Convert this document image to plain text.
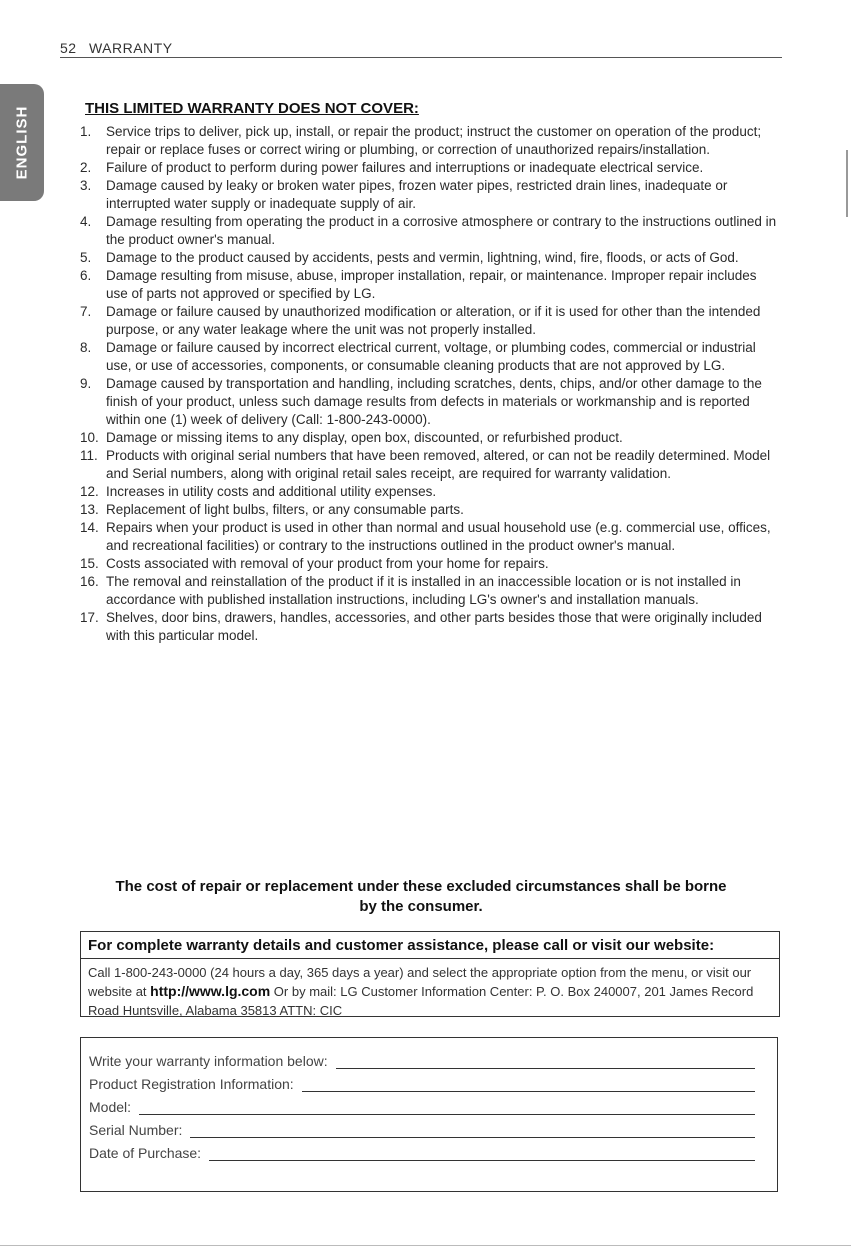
52 WARRANTY
ENGLISH	THIS LIMITED WARRANTY DOES NOT COVER:
1.	Service trips to deliver, pick up, install, or repair the product; instruct the customer on operation of the product; repair or replace fuses or correct wiring or plumbing, or correction of unauthorized repairs/installation.
2.	Failure of product to perform during power failures and interruptions or inadequate electrical service.
3.	Damage caused by leaky or broken water pipes, frozen water pipes, restricted drain lines, inadequate or interrupted water supply or inadequate supply of air.
4.	Damage resulting from operating the product in a corrosive atmosphere or contrary to the instructions outlined in the product owner's manual.
5.	Damage to the product caused by accidents, pests and vermin, lightning, wind, fire, floods, or acts of God.
6.	Damage resulting from misuse, abuse, improper installation, repair, or maintenance. Improper repair includes use of parts not approved or specified by LG.
7.	Damage or failure caused by unauthorized modification or alteration, or if it is used for other than the intended purpose, or any water leakage where the unit was not properly installed.
8.	Damage or failure caused by incorrect electrical current, voltage, or plumbing codes, commercial or industrial use, or use of accessories, components, or consumable cleaning products that are not approved by LG.
9.	Damage caused by transportation and handling, including scratches, dents, chips, and/or other damage to the finish of your product, unless such damage results from defects in materials or workmanship and is reported within one (1) week of delivery (Call: 1-800-243-0000).
10. Damage or missing items to any display, open box, discounted, or refurbished product.
11. Products with original serial numbers that have been removed, altered, or can not be readily determined. Model and Serial numbers, along with original retail sales receipt, are required for warranty validation.
12. Increases in utility costs and additional utility expenses.
13. Replacement of light bulbs, filters, or any consumable parts.
14. Repairs when your product is used in other than normal and usual household use (e.g. commercial use, offices, and recreational facilities) or contrary to the instructions outlined in the product owner's manual.
15. Costs associated with removal of your product from your home for repairs.
16. The removal and reinstallation of the product if it is installed in an inaccessible location or is not installed in accordance with published installation instructions, including LG's owner's and installation manuals.
17. Shelves, door bins, drawers, handles, accessories, and other parts besides those that were originally included with this particular model.
The cost of repair or replacement under these excluded circumstances shall be borne
by the consumer.
For complete warranty details and customer assistance, please call or visit our website:
Call 1-800-243-0000 (24 hours a day, 365 days a year) and select the appropriate option from the menu, or visit our website at http://www.lg.com Or by mail: LG Customer Information Center: P. O. Box 240007, 201 James Record Road Huntsville, Alabama 35813 ATTN: CIC
Write your warranty information below:
Product Registration Information:
Model:
Serial Number:
Date of Purchase:
